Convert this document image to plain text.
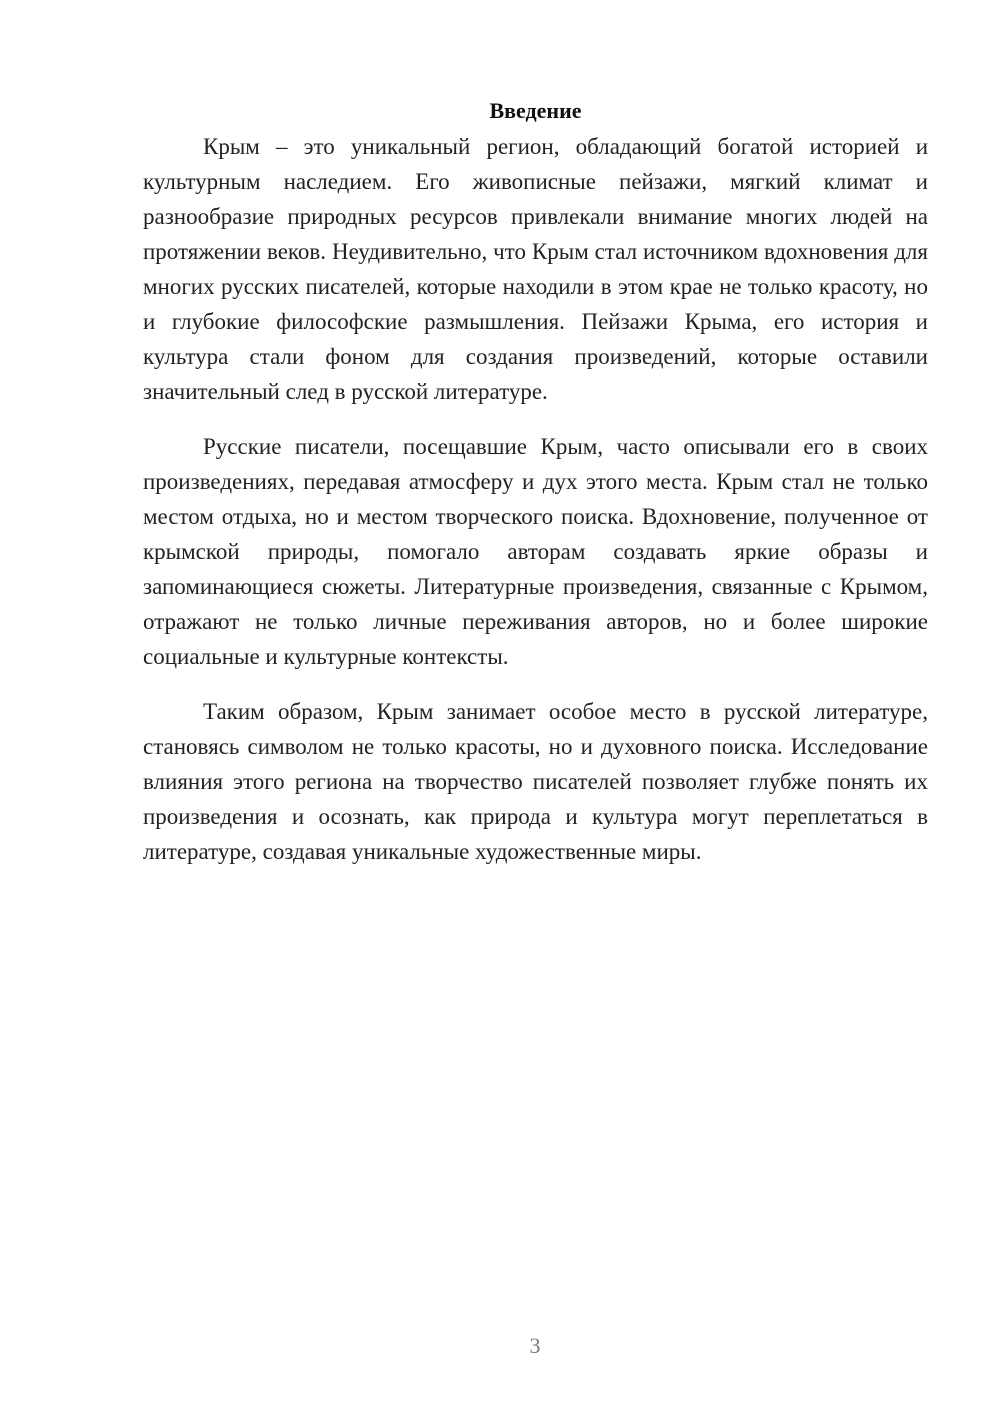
Введение

Крым – это уникальный регион, обладающий богатой историей и культурным наследием. Его живописные пейзажи, мягкий климат и разнообразие природных ресурсов привлекали внимание многих людей на протяжении веков. Неудивительно, что Крым стал источником вдохновения для многих русских писателей, которые находили в этом крае не только красоту, но и глубокие философские размышления. Пейзажи Крыма, его история и культура стали фоном для создания произведений, которые оставили значительный след в русской литературе.

Русские писатели, посещавшие Крым, часто описывали его в своих произведениях, передавая атмосферу и дух этого места. Крым стал не только местом отдыха, но и местом творческого поиска. Вдохновение, полученное от крымской природы, помогало авторам создавать яркие образы и запоминающиеся сюжеты. Литературные произведения, связанные с Крымом, отражают не только личные переживания авторов, но и более широкие социальные и культурные контексты.

Таким образом, Крым занимает особое место в русской литературе, становясь символом не только красоты, но и духовного поиска. Исследование влияния этого региона на творчество писателей позволяет глубже понять их произведения и осознать, как природа и культура могут переплетаться в литературе, создавая уникальные художественные миры.

3
